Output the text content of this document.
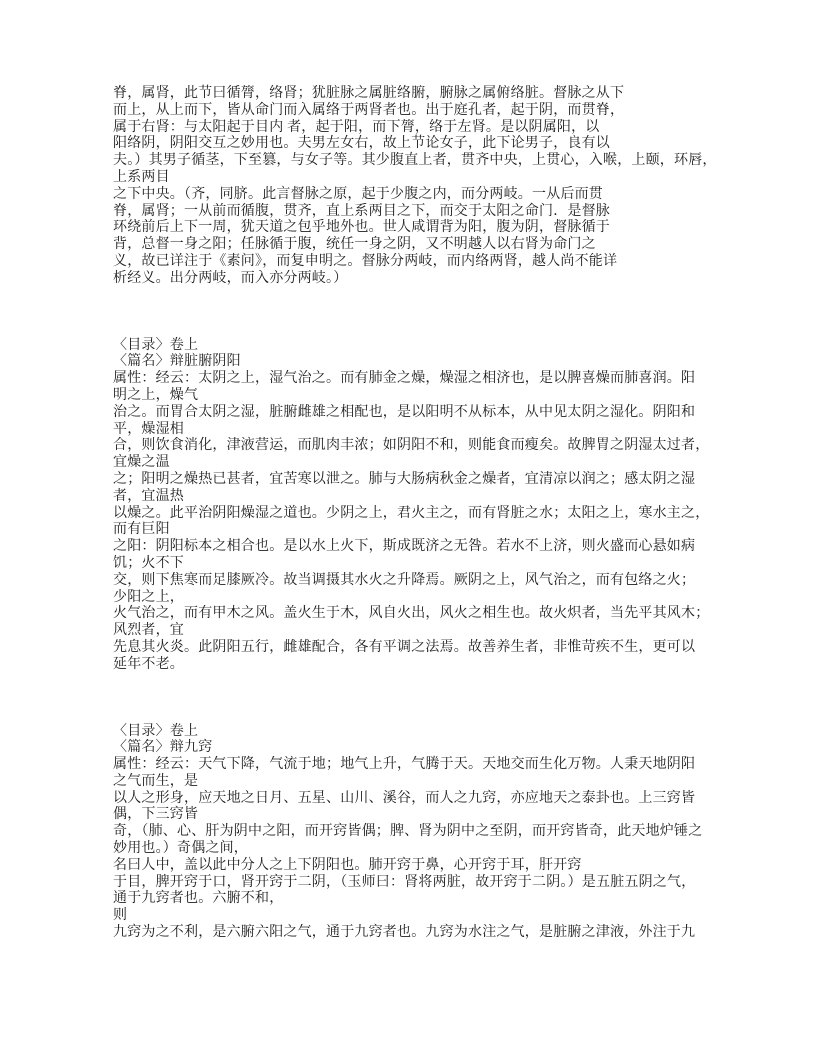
脊，属肾，此节曰循膂，络肾；犹脏脉之属脏络腑，腑脉之属俯络脏。督脉之从下
而上，从上而下，皆从命门而入属络于两肾者也。出于庭孔者，起于阴，而贯脊，
属于右肾：与太阳起于目内 者，起于阳，而下膂，络于左肾。是以阴属阳，以
阳络阴，阴阳交互之妙用也。夫男左女右，故上节论女子，此下论男子，良有以
夫。）其男子循茎，下至篡，与女子等。其少腹直上者，贯齐中央，上贯心，入喉，上颐，环唇，
上系两目
之下中央。（齐，同脐。此言督脉之原，起于少腹之内，而分两岐。一从后而贯
脊，属肾；一从前而循腹，贯齐，直上系两目之下，而交于太阳之命门．是督脉
环绕前后上下一周，犹天道之包乎地外也。世人咸谓背为阳，腹为阴，督脉循于
背，总督一身之阳；任脉循于腹，统任一身之阴，又不明越人以右肾为命门之
义，故已详注于《素问》，而复申明之。督脉分两岐，而内络两肾，越人尚不能详
析经义。出分两岐，而入亦分两岐。）
〈目录〉卷上
〈篇名〉辩脏腑阴阳
属性：经云：太阴之上，湿气治之。而有肺金之燥，燥湿之相济也，是以脾喜燥而肺喜润。阳
明之上，燥气
治之。而胃合太阴之湿，脏腑雌雄之相配也，是以阳明不从标本，从中见太阴之湿化。阴阳和
平，燥湿相
合，则饮食消化，津液营运，而肌肉丰浓；如阴阳不和，则能食而瘦矣。故脾胃之阴湿太过者，
宜燥之温
之；阳明之燥热已甚者，宜苦寒以泄之。肺与大肠病秋金之燥者，宜清凉以润之；感太阴之湿
者，宜温热
以燥之。此平治阴阳燥湿之道也。少阴之上，君火主之，而有肾脏之水；太阳之上，寒水主之，
而有巨阳
之阳：阴阳标本之相合也。是以水上火下，斯成既济之无咎。若水不上济，则火盛而心悬如病
饥；火不下
交，则下焦寒而足膝厥冷。故当调摄其水火之升降焉。厥阴之上，风气治之，而有包络之火；
少阳之上，
火气治之，而有甲木之风。盖火生于木，风自火出，风火之相生也。故火炽者，当先平其风木；
风烈者，宜
先息其火炎。此阴阳五行，雌雄配合，各有平调之法焉。故善养生者，非惟苛疾不生，更可以
延年不老。
〈目录〉卷上
〈篇名〉辩九窍
属性：经云：天气下降，气流于地；地气上升，气腾于天。天地交而生化万物。人秉天地阴阳
之气而生，是
以人之形身，应天地之日月、五星、山川、溪谷，而人之九窍，亦应地天之泰卦也。上三窍皆
偶，下三窍皆
奇，（肺、心、肝为阴中之阳，而开窍皆偶；脾、肾为阴中之至阴，而开窍皆奇，此天地炉锤之
妙用也。）奇偶之间，
名曰人中，盖以此中分人之上下阴阳也。肺开窍于鼻，心开窍于耳，肝开窍
于目，脾开窍于口，肾开窍于二阴，（玉师曰：肾将两脏，故开窍于二阴。）是五脏五阴之气，
通于九窍者也。六腑不和，
则
九窍为之不利，是六腑六阳之气，通于九窍者也。九窍为水注之气，是脏腑之津液，外注于九
